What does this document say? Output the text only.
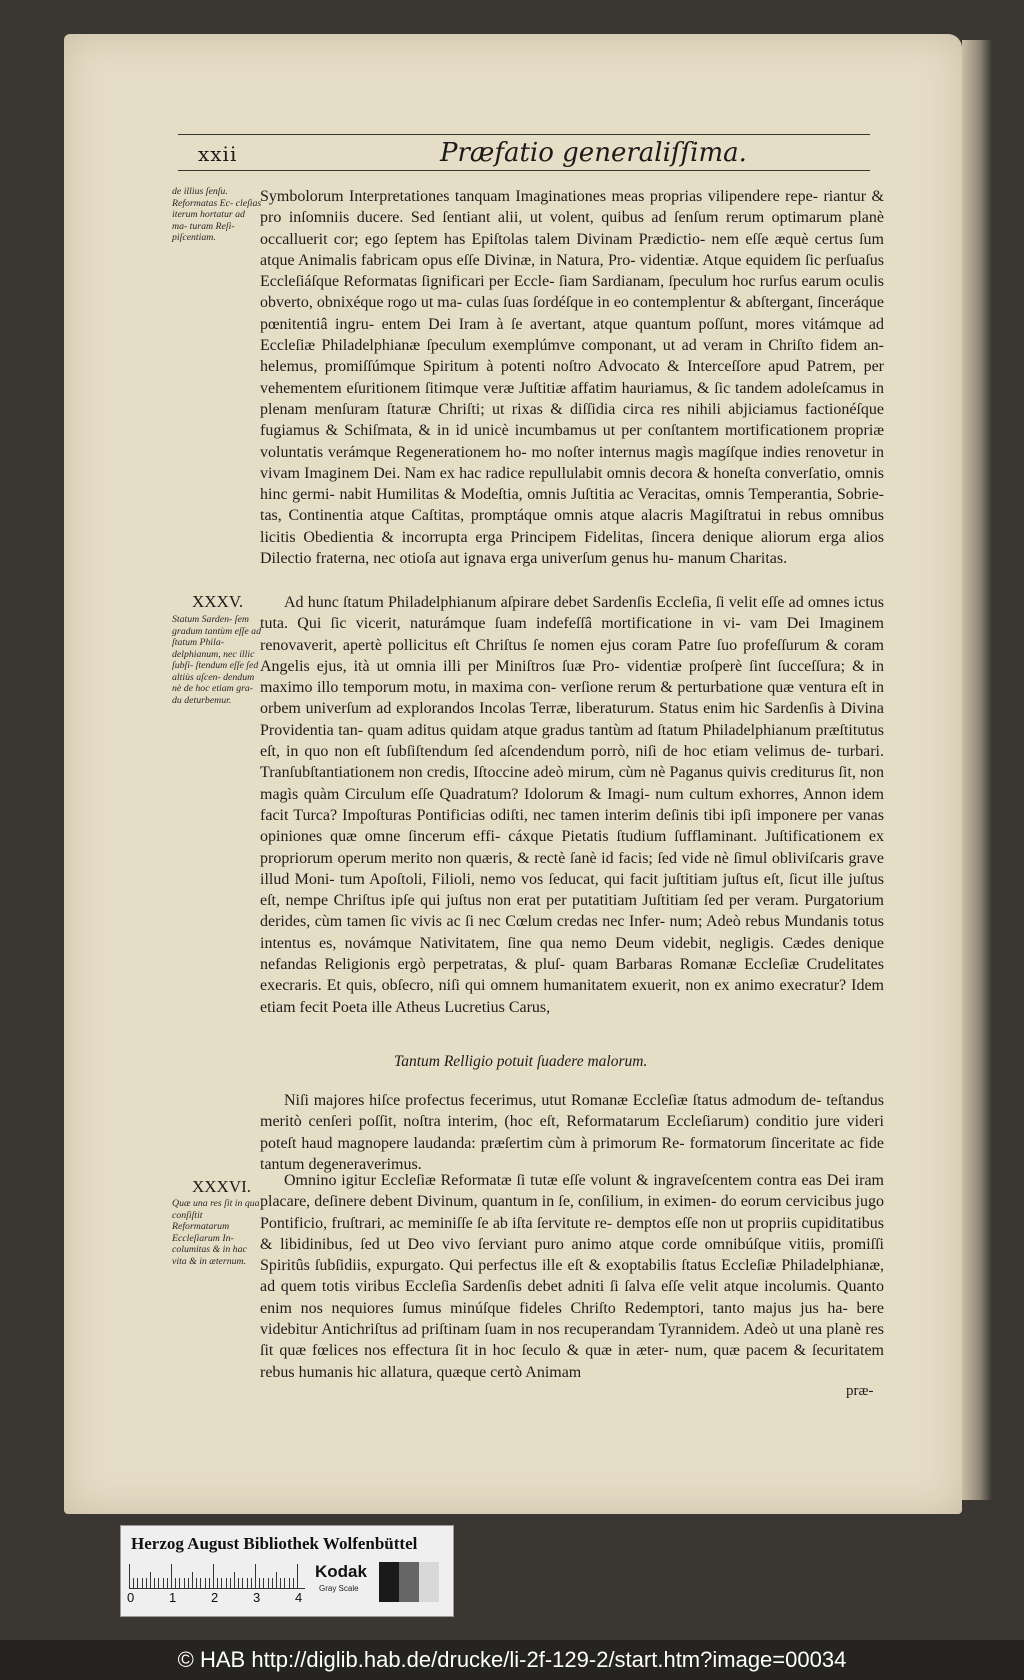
xxii	Præfatio generaliſſima.
de illius ſenſu. Reformatas Ec- cleſias iterum hortatur ad ma- turam Reſi- piſcentiam.
Symbolorum Interpretationes tanquam Imaginationes meas proprias vilipendere repe- riantur & pro inſomniis ducere. Sed ſentiant alii, ut volent, quibus ad ſenſum rerum optimarum planè occalluerit cor; ego ſeptem has Epiſtolas talem Divinam Prædictio- nem eſſe æquè certus ſum atque Animalis fabricam opus eſſe Divinæ, in Natura, Pro- videntiæ. Atque equidem ſic perſuaſus Eccleſiáſque Reformatas ſignificari per Eccle- ſiam Sardianam, ſpeculum hoc rurſus earum oculis obverto, obnixéque rogo ut ma- culas ſuas ſordéſque in eo contemplentur & abſtergant, ſinceráque pœnitentiâ ingru- entem Dei Iram à ſe avertant, atque quantum poſſunt, mores vitámque ad Eccleſiæ Philadelphianæ ſpeculum exemplúmve componant, ut ad veram in Chriſto fidem an- helemus, promiſſúmque Spiritum à potenti noſtro Advocato & Interceſſore apud Patrem, per vehementem eſuritionem ſitimque veræ Juſtitiæ affatim hauriamus, & ſic tandem adoleſcamus in plenam menſuram ſtaturæ Chriſti; ut rixas & diſſidia circa res nihili abjiciamus factionéſque fugiamus & Schiſmata, & in id unicè incumbamus ut per conſtantem mortificationem propriæ voluntatis verámque Regenerationem ho- mo noſter internus magìs magíſque indies renovetur in vivam Imaginem Dei. Nam ex hac radice repullulabit omnis decora & honeſta converſatio, omnis hinc germi- nabit Humilitas & Modeſtia, omnis Juſtitia ac Veracitas, omnis Temperantia, Sobrie- tas, Continentia atque Caſtitas, promptáque omnis atque alacris Magiſtratui in rebus omnibus licitis Obedientia & incorrupta erga Principem Fidelitas, ſincera denique aliorum erga alios Dilectio fraterna, nec otioſa aut ignava erga univerſum genus hu- manum Charitas.
XXXV.
Statum Sarden- ſem gradum tantùm eſſe ad ſtatum Phila- delphianum, nec illic ſubſi- ſtendum eſſe ſed altiùs aſcen- dendum nè de hoc etiam gra- du deturbemur.
Ad hunc ſtatum Philadelphianum aſpirare debet Sardenſis Eccleſia, ſi velit eſſe ad omnes ictus tuta. Qui ſic vicerit, naturámque ſuam indefeſſâ mortificatione in vi- vam Dei Imaginem renovaverit, apertè pollicitus eſt Chriſtus ſe nomen ejus coram Patre ſuo profeſſurum & coram Angelis ejus, ità ut omnia illi per Miniſtros ſuæ Pro- videntiæ proſperè ſint ſucceſſura; & in maximo illo temporum motu, in maxima con- verſione rerum & perturbatione quæ ventura eſt in orbem univerſum ad explorandos Incolas Terræ, liberaturum. Status enim hic Sardenſis à Divina Providentia tan- quam aditus quidam atque gradus tantùm ad ſtatum Philadelphianum præſtitutus eſt, in quo non eſt ſubſiſtendum ſed aſcendendum porrò, niſi de hoc etiam velimus de- turbari. Tranſubſtantiationem non credis, Iſtoccine adeò mirum, cùm nè Paganus quivis crediturus ſit, non magìs quàm Circulum eſſe Quadratum? Idolorum & Imagi- num cultum exhorres, Annon idem facit Turca? Impoſturas Pontificias odiſti, nec tamen interim deſinis tibi ipſi imponere per vanas opiniones quæ omne ſincerum effi- cáxque Pietatis ſtudium ſufflaminant. Juſtificationem ex propriorum operum merito non quæris, & rectè ſanè id facis; ſed vide nè ſimul obliviſcaris grave illud Moni- tum Apoſtoli, Filioli, nemo vos ſeducat, qui facit juſtitiam juſtus eſt, ſicut ille juſtus eſt, nempe Chriſtus ipſe qui juſtus non erat per putatitiam Juſtitiam ſed per veram. Purgatorium derides, cùm tamen ſic vivis ac ſi nec Cœlum credas nec Infer- num; Adeò rebus Mundanis totus intentus es, novámque Nativitatem, ſine qua nemo Deum videbit, negligis. Cædes denique nefandas Religionis ergò perpetratas, & pluſ- quam Barbaras Romanæ Eccleſiæ Crudelitates execraris. Et quis, obſecro, niſi qui omnem humanitatem exuerit, non ex animo execratur? Idem etiam fecit Poeta ille Atheus Lucretius Carus,
Tantum Relligio potuit ſuadere malorum.
Niſi majores hiſce profectus fecerimus, utut Romanæ Eccleſiæ ſtatus admodum de- teſtandus meritò cenſeri poſſit, noſtra interim, (hoc eſt, Reformatarum Eccleſiarum) conditio jure videri poteſt haud magnopere laudanda: præſertim cùm à primorum Re- formatorum ſinceritate ac fide tantum degeneraverimus.
XXXVI.
Quæ una res ſit in qua conſiſtit Reformatarum Eccleſiarum In- columitas & in hac vita & in æternum.
Omnino igitur Eccleſiæ Reformatæ ſi tutæ eſſe volunt & ingraveſcentem contra eas Dei iram placare, deſinere debent Divinum, quantum in ſe, conſilium, in eximen- do eorum cervicibus jugo Pontificio, fruſtrari, ac meminiſſe ſe ab iſta ſervitute re- demptos eſſe non ut propriis cupiditatibus & libidinibus, ſed ut Deo vivo ſerviant puro animo atque corde omnibúſque vitiis, promiſſi Spiritûs ſubſidiis, expurgato. Qui perfectus ille eſt & exoptabilis ſtatus Eccleſiæ Philadelphianæ, ad quem totis viribus Eccleſia Sardenſis debet adniti ſi ſalva eſſe velit atque incolumis. Quanto enim nos nequiores ſumus minúſque fideles Chriſto Redemptori, tanto majus jus ha- bere videbitur Antichriſtus ad priſtinam ſuam in nos recuperandam Tyrannidem. Adeò ut una planè res ſit quæ fœlices nos effectura ſit in hoc ſeculo & quæ in æter- num, quæ pacem & ſecuritatem rebus humanis hic allatura, quæque certò Animam
præ-
Herzog August Bibliothek Wolfenbüttel
0	1	2	3	4
Kodak
Gray Scale
© HAB http://diglib.hab.de/drucke/li-2f-129-2/start.htm?image=00034
